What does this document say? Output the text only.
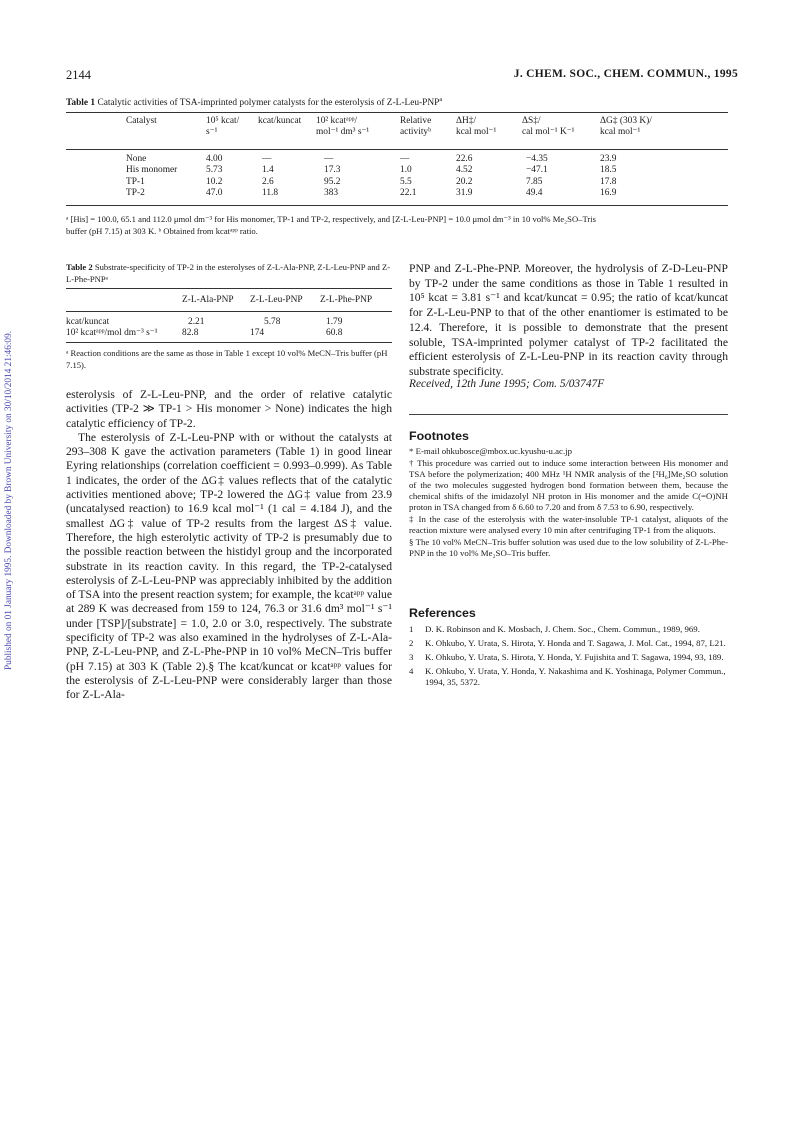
Published on 01 January 1995. Downloaded by Brown University on 30/10/2014 21:46:09.
2144	J. CHEM. SOC., CHEM. COMMUN., 1995
Table 1 Catalytic activities of TSA-imprinted polymer catalysts for the esterolysis of Z-L-Leu-PNP$^a$
Catalyst	10⁵ kcat/
s⁻¹
kcat/kuncat 10² kcatᵃᵖᵖ/
mol⁻¹ dm³ s⁻¹
Relative
activityᵇ
ΔH‡/
kcal mol⁻¹
ΔS‡/
cal mol⁻¹ K⁻¹
ΔG‡ (303 K)/
kcal mol⁻¹
None
His monomer
TP-1
TP-2
4.00
5.73
10.2
47.0
—
1.4
2.6
11.8
—
17.3
95.2
383
—
1.0
5.5
22.1
22.6
4.52
20.2
31.9
−4.35
−47.1
7.85
49.4
23.9
18.5
17.8
16.9
ᵃ [His] = 100.0, 65.1 and 112.0 μmol dm⁻³ for His monomer, TP-1 and TP-2, respectively, and [Z-L-Leu-PNP] = 10.0 μmol dm⁻³ in 10 vol% Me₂SO–Tris
buffer (pH 7.15) at 303 K. ᵇ Obtained from kcatᵃᵖᵖ ratio.
Table 2 Substrate-specificity of TP-2 in the esterolyses of Z-L-Ala-PNP, Z-L-Leu-PNP and Z-L-Phe-PNPᵃ
Z-L-Ala-PNP Z-L-Leu-PNP Z-L-Phe-PNP
kcat/kuncat
10² kcatᵃᵖᵖ/mol dm⁻³ s⁻¹
2.21
82.8
5.78
174
1.79
60.8
ᵃ Reaction conditions are the same as those in Table 1 except 10 vol% MeCN–Tris buffer (pH 7.15).
PNP and Z-L-Phe-PNP. Moreover, the hydrolysis of Z-D-Leu-PNP by TP-2 under the same conditions as those in Table 1 resulted in 10⁵ kcat = 3.81 s⁻¹ and kcat/kuncat = 0.95; the ratio of kcat/kuncat for Z-L-Leu-PNP to that of the other enantiomer is estimated to be 12.4. Therefore, it is possible to demonstrate that the present soluble, TSA-imprinted polymer catalyst of TP-2 facilitated the efficient esterolysis of Z-L-Leu-PNP in its reaction cavity through substrate specificity.
Received, 12th June 1995; Com. 5/03747F

esterolysis of Z-L-Leu-PNP, and the order of relative catalytic activities (TP-2 ≫ TP-1 > His monomer > None) indicates the high catalytic efficiency of TP-2.

The esterolysis of Z-L-Leu-PNP with or without the catalysts at 293–308 K gave the activation parameters (Table 1) in good linear Eyring relationships (correlation coefficient = 0.993–0.999). As Table 1 indicates, the order of the ΔG‡ values reflects that of the catalytic activities mentioned above; TP-2 lowered the ΔG‡ value from 23.9 (uncatalysed reaction) to 16.9 kcal mol⁻¹ (1 cal = 4.184 J), and the smallest ΔG‡ value of TP-2 results from the largest ΔS‡ value. Therefore, the high esterolytic activity of TP-2 is presumably due to the possible reaction between the histidyl group and the incorporated substrate in its reaction cavity. In this regard, the TP-2-catalysed esterolysis of Z-L-Leu-PNP was appreciably inhibited by the addition of TSA into the present reaction system; for example, the kcatᵃᵖᵖ value at 289 K was decreased from 159 to 124, 76.3 or 31.6 dm³ mol⁻¹ s⁻¹ under [TSP]/[substrate] = 1.0, 2.0 or 3.0, respectively. The substrate specificity of TP-2 was also examined in the hydrolyses of Z-L-Ala-PNP, Z-L-Leu-PNP, and Z-L-Phe-PNP in 10 vol% MeCN–Tris buffer (pH 7.15) at 303 K (Table 2).§ The kcat/kuncat or kcatᵃᵖᵖ values for the esterolysis of Z-L-Leu-PNP were considerably larger than those for Z-L-Ala-

Footnotes

* E-mail ohkubosce@mbox.uc.kyushu-u.ac.jp

† This procedure was carried out to induce some interaction between His monomer and TSA before the polymerization; 400 MHz ¹H NMR analysis of the [²H₆]Me₂SO solution of the two molecules suggested hydrogen bond formation between them, because the chemical shifts of the imidazolyl NH proton in His monomer and the amide C(=O)NH proton in TSA changed from δ 6.60 to 7.20 and from δ 7.53 to 6.90, respectively.

‡ In the case of the esterolysis with the water-insoluble TP-1 catalyst, aliquots of the reaction mixture were analysed every 10 min after centrifuging TP-1 from the aliquots.

§ The 10 vol% MeCN–Tris buffer solution was used due to the low solubility of Z-L-Phe-PNP in the 10 vol% Me₂SO–Tris buffer.

References
1 D. K. Robinson and K. Mosbach, J. Chem. Soc., Chem. Commun., 1989, 969.
2 K. Ohkubo, Y. Urata, S. Hirota, Y. Honda and T. Sagawa, J. Mol. Cat., 1994, 87, L21.
3 K. Ohkubo, Y. Urata, S. Hirota, Y. Honda, Y. Fujishita and T. Sagawa, 1994, 93, 189.
4 K. Ohkubo, Y. Urata, Y. Honda, Y. Nakashima and K. Yoshinaga, Polymer Commun., 1994, 35, 5372.
